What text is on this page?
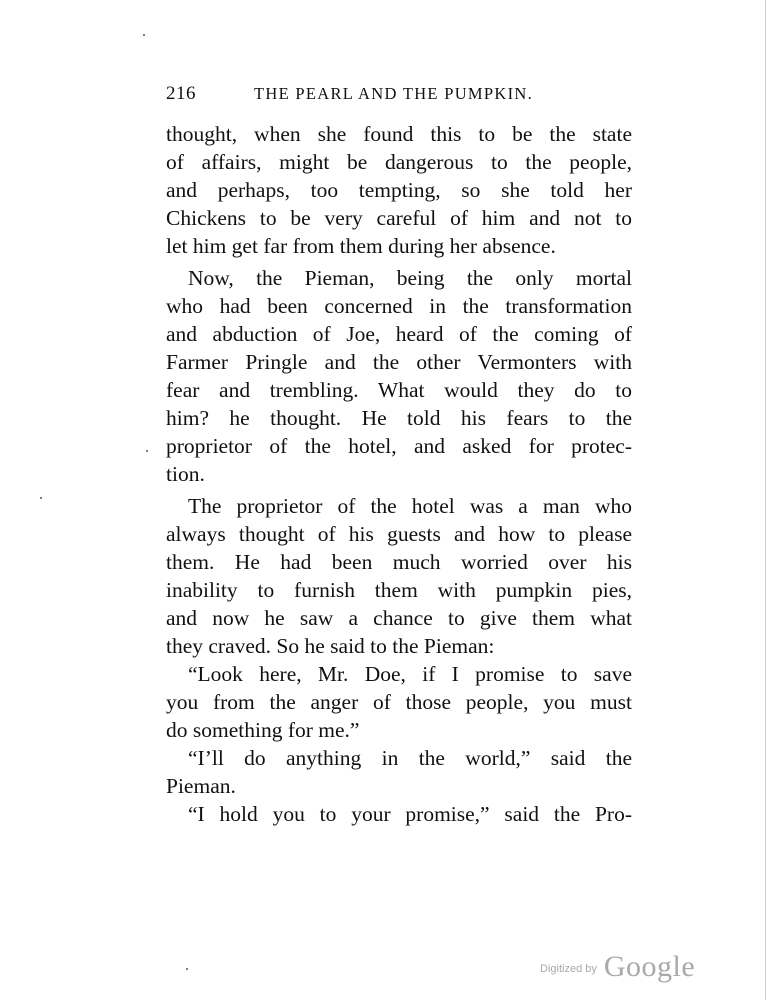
216	THE PEARL AND THE PUMPKIN.
thought, when she found this to be the state
of affairs, might be dangerous to the people,
and perhaps, too tempting, so she told her
Chickens to be very careful of him and not to
let him get far from them during her absence.
Now, the Pieman, being the only mortal
who had been concerned in the transformation
and abduction of Joe, heard of the coming of
Farmer Pringle and the other Vermonters with
fear and trembling. What would they do to
him? he thought. He told his fears to the
proprietor of the hotel, and asked for protec-
tion.
The proprietor of the hotel was a man who
always thought of his guests and how to please
them. He had been much worried over his
inability to furnish them with pumpkin pies,
and now he saw a chance to give them what
they craved. So he said to the Pieman:
“Look here, Mr. Doe, if I promise to save
you from the anger of those people, you must
do something for me.”
“I’ll do anything in the world,” said the
Pieman.
“I hold you to your promise,” said the Pro-
$^{Digitized by}$ Google
